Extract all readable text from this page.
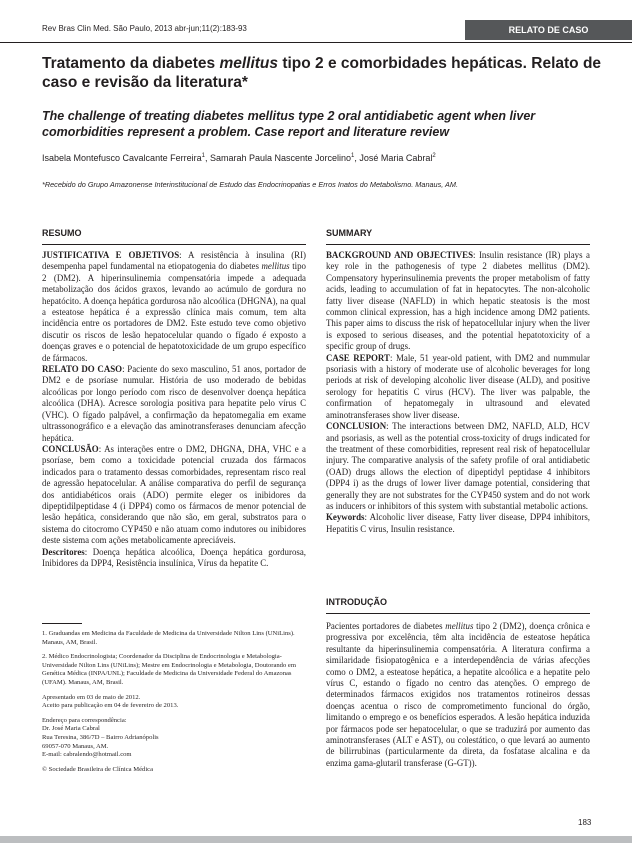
Rev Bras Clin Med. São Paulo, 2013 abr-jun;11(2):183-93	RELATO DE CASO
Tratamento da diabetes mellitus tipo 2 e comorbidades hepáticas. Relato de caso e revisão da literatura*
The challenge of treating diabetes mellitus type 2 oral antidiabetic agent when liver comorbidities represent a problem. Case report and literature review
Isabela Montefusco Cavalcante Ferreira$^1$, Samarah Paula Nascente Jorcelino$^1$, José Maria Cabral$^2$
*Recebido do Grupo Amazonense Interinstitucional de Estudo das Endocrinopatias e Erros Inatos do Metabolismo. Manaus, AM.
RESUMO

JUSTIFICATIVA E OBJETIVOS: A resistência à insulina (RI) desempenha papel fundamental na etiopatogenia do diabetes mellitus tipo 2 (DM2). A hiperinsulinemia compensatória impede a adequada metabolização dos ácidos graxos, levando ao acúmulo de gordura no hepatócito. A doença hepática gordurosa não alcoólica (DHGNA), na qual a esteatose hepática é a expressão clínica mais comum, tem alta incidência entre os portadores de DM2. Este estudo teve como objetivo discutir os riscos de lesão hepatocelular quando o fígado é exposto a doenças graves e o potencial de hepatotoxicidade de um grupo específico de fármacos.

RELATO DO CASO: Paciente do sexo masculino, 51 anos, portador de DM2 e de psoríase numular. História de uso moderado de bebidas alcoólicas por longo período com risco de desenvolver doença hepática alcoólica (DHA). Acresce sorologia positiva para hepatite pelo vírus C (VHC). O fígado palpável, a confirmação da hepatomegalia em exame ultrassonográfico e a elevação das aminotransferases denunciam afecção hepática.

CONCLUSÃO: As interações entre o DM2, DHGNA, DHA, VHC e a psoríase, bem como a toxicidade potencial cruzada dos fármacos indicados para o tratamento dessas comorbidades, representam risco real de agressão hepatocelular. A análise comparativa do perfil de segurança dos antidiabéticos orais (ADO) permite eleger os inibidores da dipeptidilpeptidase 4 (i DPP4) como os fármacos de menor potencial de lesão hepática, considerando que não são, em geral, substratos para o sistema do citocromo CYP450 e não atuam como indutores ou inibidores deste sistema com ações metabolicamente apreciáveis.

Descritores: Doença hepática alcoólica, Doença hepática gordurosa, Inibidores da DPP4, Resistência insulínica, Vírus da hepatite C.

SUMMARY

BACKGROUND AND OBJECTIVES: Insulin resistance (IR) plays a key role in the pathogenesis of type 2 diabetes mellitus (DM2). Compensatory hyperinsulinemia prevents the proper metabolism of fatty acids, leading to accumulation of fat in hepatocytes. The non-alcoholic fatty liver disease (NAFLD) in which hepatic steatosis is the most common clinical expression, has a high incidence among DM2 patients. This paper aims to discuss the risk of hepatocellular injury when the liver is exposed to serious diseases, and the potential hepatotoxicity of a specific group of drugs.

CASE REPORT: Male, 51 year-old patient, with DM2 and nummular psoriasis with a history of moderate use of alcoholic beverages for long periods at risk of developing alcoholic liver disease (ALD), and positive serology for hepatitis C virus (HCV). The liver was palpable, the confirmation of hepatomegaly in ultrasound and elevated aminotransferases show liver disease.

CONCLUSION: The interactions between DM2, NAFLD, ALD, HCV and psoriasis, as well as the potential cross-toxicity of drugs indicated for the treatment of these comorbidities, represent real risk of hepatocellular injury. The comparative analysis of the safety profile of oral antidiabetic (OAD) drugs allows the election of dipeptidyl peptidase 4 inhibitors (DPP4 i) as the drugs of lower liver damage potential, considering that generally they are not substrates for the CYP450 system and do not work as inducers or inhibitors of this system with substantial metabolic actions.

Keywords: Alcoholic liver disease, Fatty liver disease, DPP4 inhibitors, Hepatitis C virus, Insulin resistance.

INTRODUÇÃO

Pacientes portadores de diabetes mellitus tipo 2 (DM2), doença crônica e progressiva por excelência, têm alta incidência de esteatose hepática resultante da hiperinsulinemia compensatória. A literatura confirma a similaridade fisiopatogênica e a interdependência de várias afecções como o DM2, a esteatose hepática, a hepatite alcoólica e a hepatite pelo vírus C, estando o fígado no centro das atenções. O emprego de determinados fármacos exigidos nos tratamentos rotineiros dessas doenças acentua o risco de comprometimento funcional do órgão, limitando o emprego e os benefícios esperados. A lesão hepática induzida por fármacos pode ser hepatocelular, o que se traduzirá por aumento das aminotransferases (ALT e AST), ou colestático, o que levará ao aumento de bilirrubinas (particularmente da direta, da fosfatase alcalina e da enzima gama-glutaril transferase (G-GT)).

1. Graduandas em Medicina da Faculdade de Medicina da Universidade Nilton Lins (UNiLins). Manaus, AM, Brasil.

2. Médico Endocrinologista; Coordenador da Disciplina de Endocrinologia e Metabologia-Universidade Nilton Lins (UNiLins); Mestre em Endocrinologia e Metabologia, Doutorando em Genética Médica (INPA/UNL); Faculdade de Medicina da Universidade Federal do Amazonas (UFAM). Manaus, AM, Brasil.

Apresentado em 03 de maio de 2012.
Aceito para publicação em 04 de fevereiro de 2013.

Endereço para correspondência:
Dr. José Maria Cabral
Rua Teresina, 386/7D – Bairro Adrianópolis
69057-070 Manaus, AM.
E-mail: cabralendo@hotmail.com

© Sociedade Brasileira de Clínica Médica

183
